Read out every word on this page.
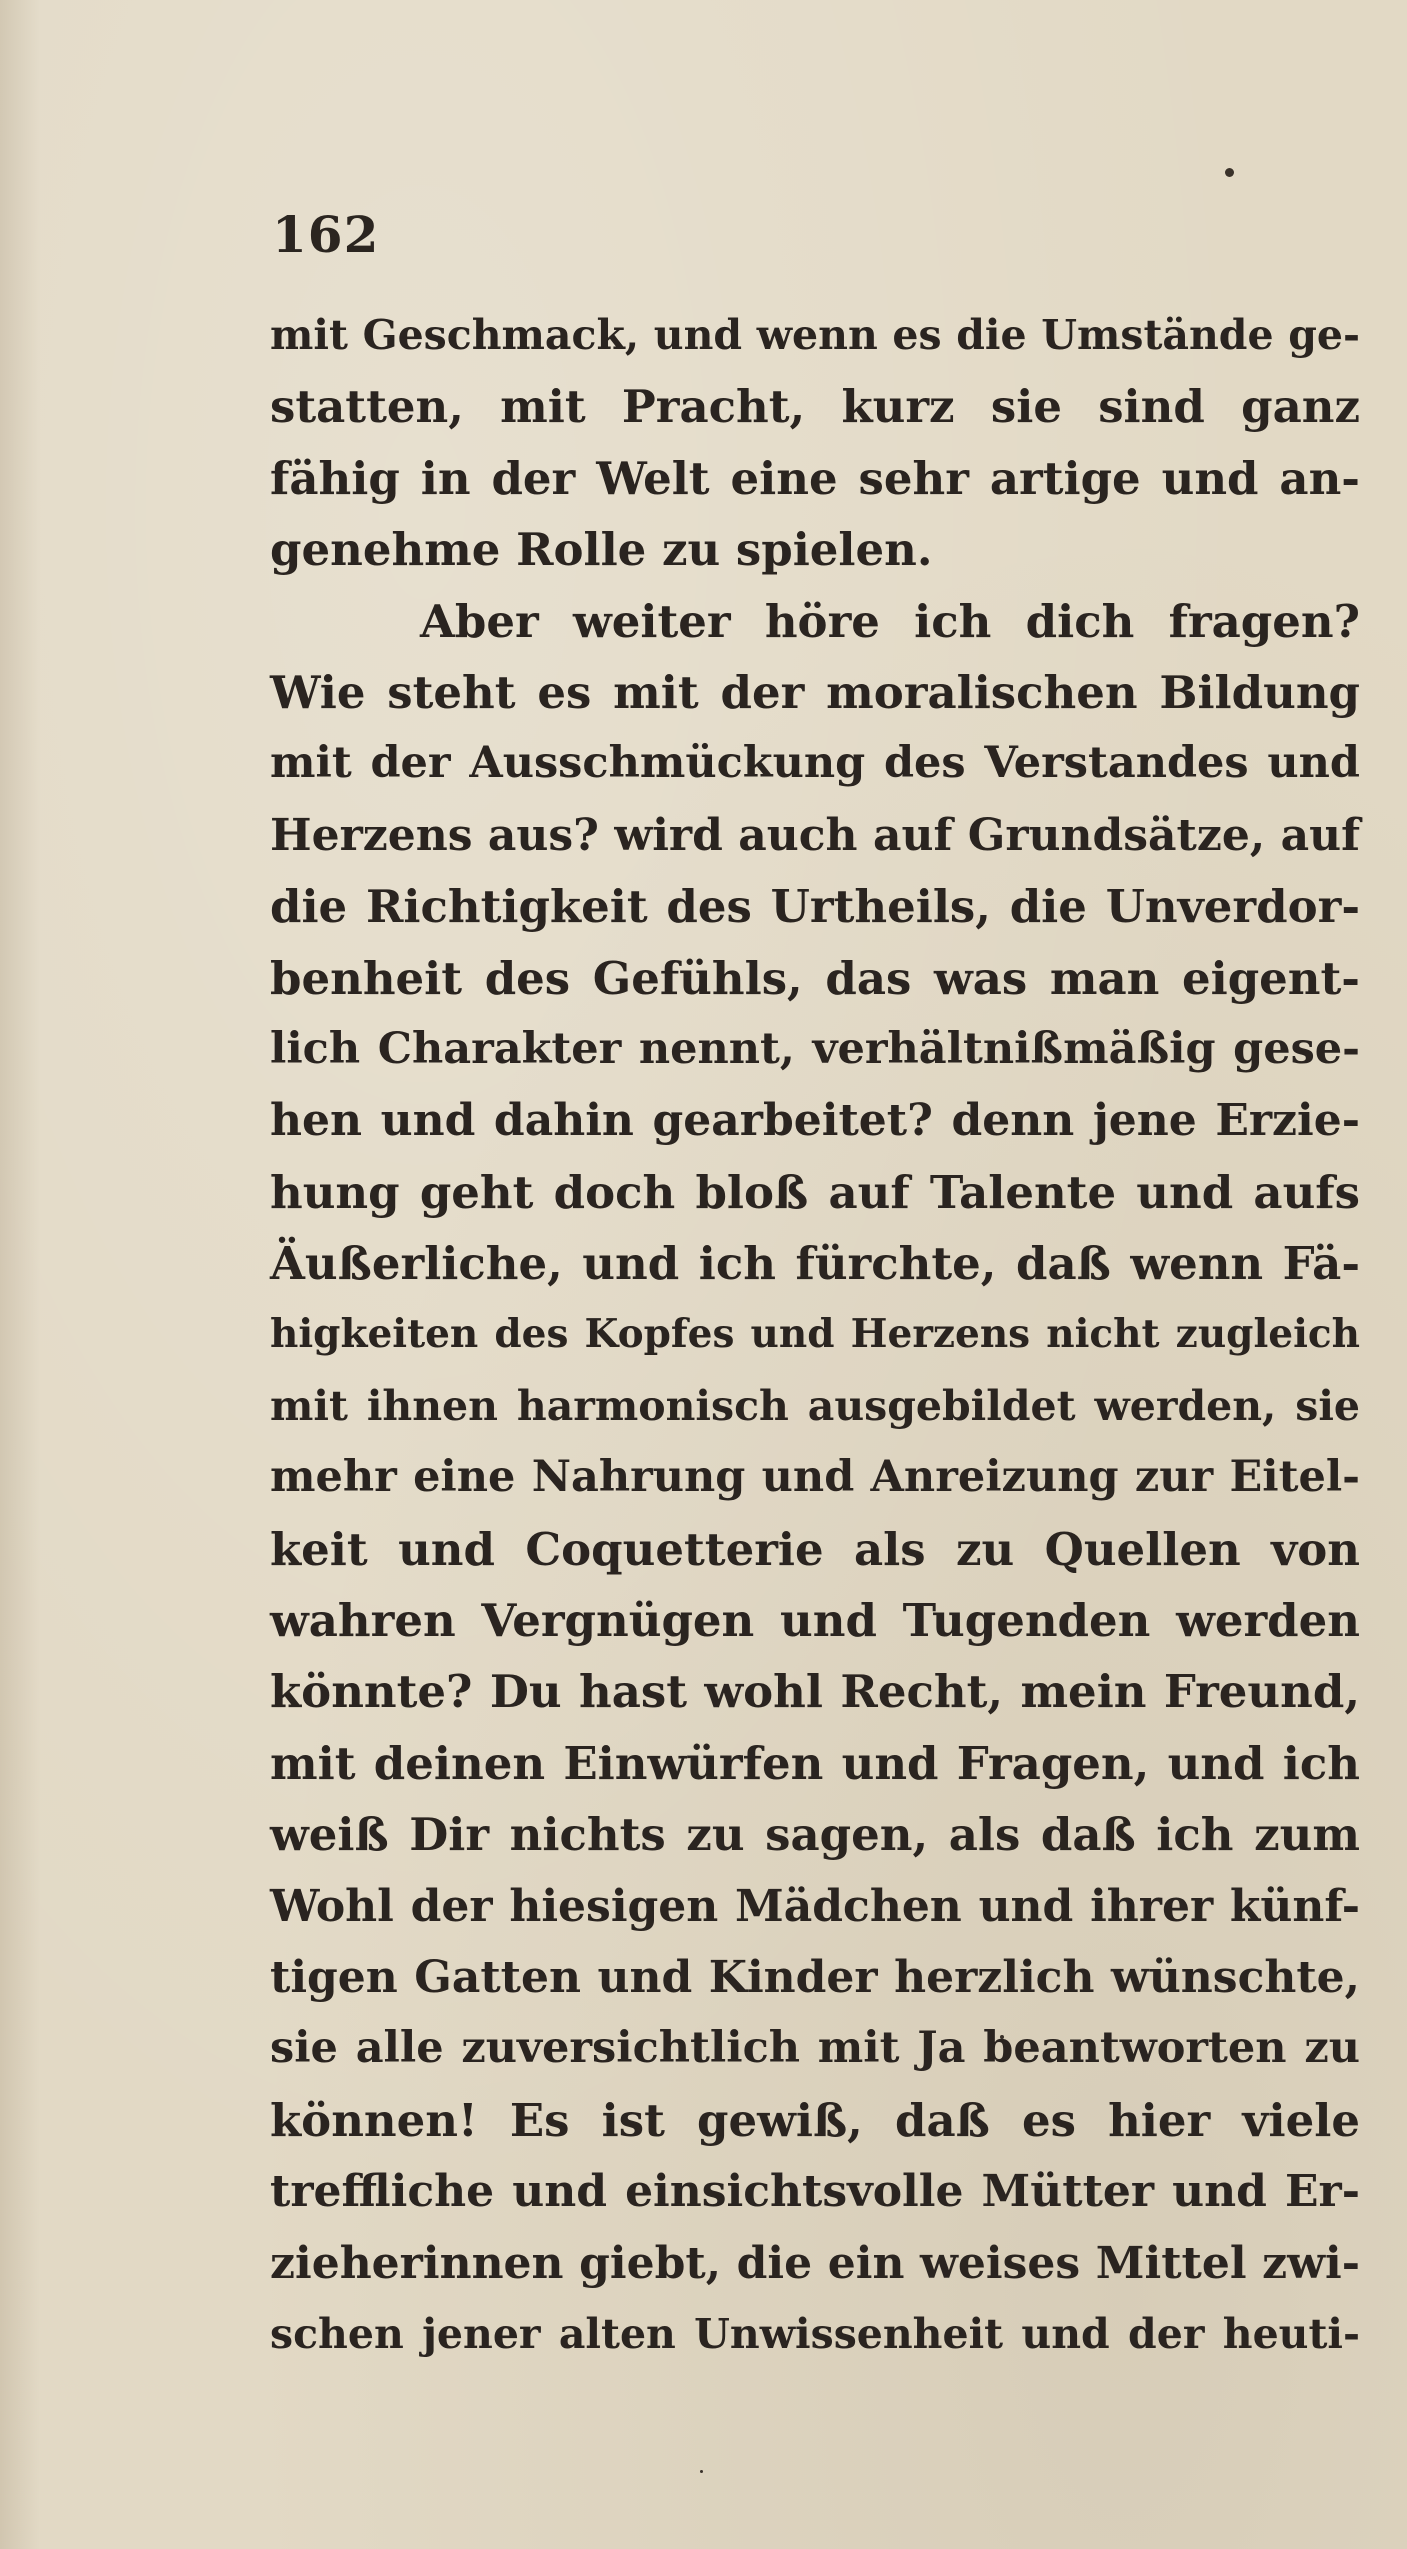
162
mit Geschmack, und wenn es die Umstände ge-
statten, mit Pracht, kurz sie sind ganz
fähig in der Welt eine sehr artige und an-
genehme Rolle zu spielen.
Aber weiter höre ich dich fragen?
Wie steht es mit der moralischen Bildung
mit der Ausschmückung des Verstandes und
Herzens aus? wird auch auf Grundsätze, auf
die Richtigkeit des Urtheils, die Unverdor-
benheit des Gefühls, das was man eigent-
lich Charakter nennt, verhältnißmäßig gese-
hen und dahin gearbeitet? denn jene Erzie-
hung geht doch bloß auf Talente und aufs
Äußerliche, und ich fürchte, daß wenn Fä-
higkeiten des Kopfes und Herzens nicht zugleich
mit ihnen harmonisch ausgebildet werden, sie
mehr eine Nahrung und Anreizung zur Eitel-
keit und Coquetterie als zu Quellen von
wahren Vergnügen und Tugenden werden
könnte? Du hast wohl Recht, mein Freund,
mit deinen Einwürfen und Fragen, und ich
weiß Dir nichts zu sagen, als daß ich zum
Wohl der hiesigen Mädchen und ihrer künf-
tigen Gatten und Kinder herzlich wünschte,
sie alle zuversichtlich mit Ja beantworten zu
können! Es ist gewiß, daß es hier viele
treffliche und einsichtsvolle Mütter und Er-
zieherinnen giebt, die ein weises Mittel zwi-
schen jener alten Unwissenheit und der heuti-
